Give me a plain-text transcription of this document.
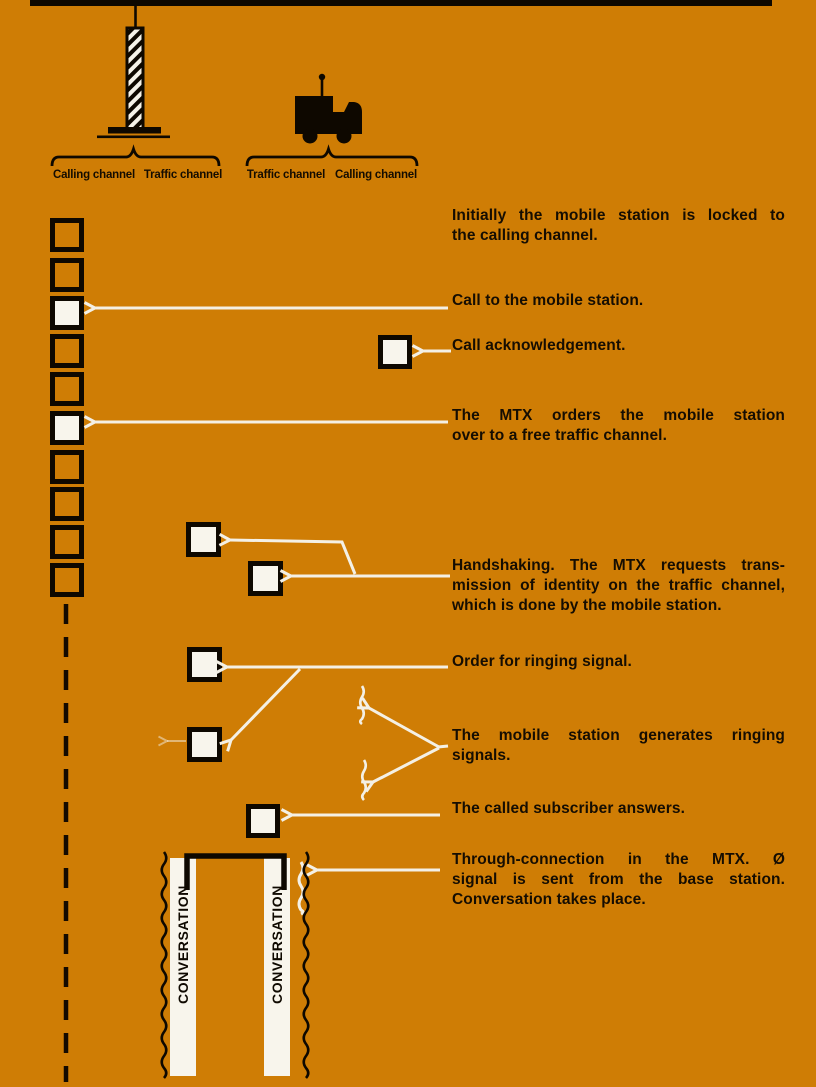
Calling channel Traffic channel	Traffic channel Calling channel
Initially the mobile station is locked to
the calling channel.
Call to the mobile station.
Call acknowledgement.
The MTX orders the mobile station
over to a free traffic channel.
Handshaking. The MTX requests trans-
mission of identity on the traffic channel,
which is done by the mobile station.
Order for ringing signal.
The mobile station generates ringing
signals.
The called subscriber answers.
Through-connection in the MTX. Ø
signal is sent from the base station.
Conversation takes place.
CONVERSATION	CONVERSATION
